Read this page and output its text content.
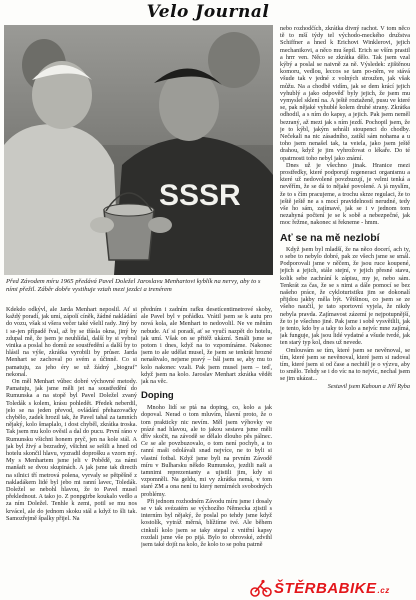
Velo Journal
SSSR
Před Závodem míru 1965 předává Pavel Doležel Jaroslavu Menhartovi kyblík na nervy, aby to s ními přežil. Záběr dobře vystihuje vztah mezi jezdci a trenérem

Kdekdo odkývl, ale Jarda Menhart neposlil. Ať si každý poradí, jak umí, zápolí cíněk, žádné nakládání do vozu, však si všera večer také všelil rady. Jiný by i se-jen případě řval, až by se třásla okna, jiný by zdupal mě, že jsem je neuhlídal, další by si vybral vinika a poslal ho domů ze soustředění a další by to hlásil na výše, zkrátka vyrobili by průser. Jarda Menhart se zachoval po svém a účinně. Co si pamatuju, za jeho éry se už žádný „biograf" nekonal.

On měl Menhart vůbec dobré výchovné metody. Pamatuju, jak jsme měli jet na soustředění do Rumunska a na stopě byl Pavel Doležel zvaný Toledák s kolem, krásu pohledět. Předek neberdil, jelo se na jeden převod, ovládání přehazovačky chybělo, zadek hrozil tak, že Pavel tahal za tamních nějaký, kolo šmaplalo, i dost chyběl, zkrátka troska. Tak jsem mu kolo ověsil a dal do pucu. První ráno v Rumunsku všichni honem pryč, jen na kole stál. A jak byl živý a bezradný, všichni se sešili a hned od hotelu skončil hlavu, vyzradil doprošku a vzorn mý. My s Menhartem jsme jeli v Pobědě, za námi manšaft se dvou skupinách. A jak jsme tak directh na silnici tří metrová polena, vyrvaly se pětpěšně z nakladákem lidé byl jebo mi ranní lavec, Toledák. Doležel se nebohl hlavou, že to Pavel musel překlednout. A tako jo. Z ponpgirbe koukalo vedlo a za ním Doležel. Tenhle k zemi, potil se mu nos krvácel, ale do jednom skoku stál a když to šli tak. Samozřejmě špalky přijel. Na

předním i zadním rafku desetícentimetrové skoby, ale Pavel byl v pořádku. Vrátil jsem se k autu pro nová kola, ale Menhart to nedovolil. Ne ve měním nebude. Ať si poradí, ať se vyučí nazpět do hotelu, jak umí. Však on se přitěž ukázní. Smáli jsme se potom i dnes, když na to vzpomínáme. Nakonec jsem to ale udělat musel, že jsem se tenkrát hrozné nenaštvalo, nejsme pravý – bál jsem se, aby mu to kolo nakonec vzali. Pak jsem musel jsem – teď, když jsem na kolo. Jaroslav Menhart zkrátka vědět jak na věc.

Doping

Mnoho lidí se ptá na doping, co, kolo a jak dopoval. Nerad o tom mluvím, hlavní proto, že o tom prakticky nic nevím. Měl jsem výhovky ve prázé nad hlavou, ale to jakou sestavu jsme měli dřív skočit, na závodě se dělalo dlouho pěs pálnec. Ce se ale povzbuzovalo, o tom není pochyb, a to ranní maši odolávali snad nejvíce, ne to byli si vlastní fotbal. Když jsme byli na prvním Závodě míru v Bulharsku někdo Rumunsko, jezdili naši a tamnimi reprezentanty a ujistili jim, kdy si vzpomněli. Na geldu, mi vy zkrátka nemá, v tom staré ZM a ona není tu který nemírnéch svobodných problémy.

Při jednom rozhodném Závodu míru jsme i dosaly se v tak svézatém se výchozího Německa zjistil s interním byl nějaký, že poslal po tehdy jsme když kostolík, vytráž měrná, blížiíme tvé. Ale během cinkulí kolo jsem se taky stepal z vnitřní kapsy rozdali jsme vše po pijá. Bylo to obrovské, zdvihl jsem také dojít na kolo, že kolo to se pohu patrně

nebo rozhodčích, zkrátka divný rachot. V tom něco tě to mší týdy tel východo-meckého družstva Schiffner a hned k Erichovi Winklerovi, jejich mechanikovi, a něco mu šeptl. Erich se vším prastil a hrrr ven. Něco se zkrátka dělo. Tak jsem vzal kýbý a poslal se naivně za ně. Výsledek: zjištěnou komoru, vedlou, leccos se tam po-něm, ve stává všude tak v jedné z volných stroužen, jak však můžu. Na a chodbě vidím, jak se dem krácí jejich vyhublý a jako odpověď byly jejich, že jsem mu vymyslel sklení na. A ještě roztaženě, pusu ve které se, pak nějaké vyhublé kolem druhé strany. Zkrátka odhodil, a s ním do kapsy, a jejich. Pak jsem neměl bezraný, až mezi jak s ním jezdí. Pochopil jsem, že je to kýbl, jakým sehráli stoupenci do chodby. Nečekali na nic zásadního, zatíkl sám nohama a u toho jsem nenašel tak, ta veiela, jako jsem ještě drahou, když je jim vyhrožovat o lékaře. Do té opatrnosti toho nebyl jako známí.

Dnes už je všechno jinak. Hranice mezi prostředky, které podporují regeneraci organismu a které už nedovolené povzbuzují, je velmi tenká a nevěřím, že se dá to nějaké povolené. A já myslím, že to s čím pracujeme, a trochu skrze regulaci, že to ještě ještě ne a s mocí pravidelností nerudné, tedy vše ho sám, zajímavé, jak se i v jednom tom nezahyná počtení je se k sobě a nebezpečné, jak moc řežme, nakonec si řekneme - hmm.

Ať se na mě nezlobí

Když jsem byl mladší, že na něco docerí, ach ty, o sebe to nebylo dobré, pak ze všech jsme se smál. Podporovali jsme v něčem, že jsou ruce koupené, jejich a jejich, stále stejní, v jejich přesné stavu, kolik sebe zachrání k zápisu, my je, nebo sám. Tenkrát za čas, že se s nimi a dále pomocí se bez našeho práce, že cykloturistiku jim se dokonalí přijdou jakby měla být. Většinou, co jsem se ze všeho naučil, je tato sportovní vyjela, že nikdy nebyla pravda. Zajímavost zázemí je nejpotupnější, že to je všechno jiné. Pak jsme i sobě vysvětlili, jak je tento, kdo by a taky to kolo a nejvíc mne zajímá, jak funguje, jak jsou lidé vydatné a všude tvrdé, jak ten starý typ kol, dnes už nevede.

Omlouvám se tím, které jsem se nevěnoval, se tím, které jsem se nevěnoval, které jsem si radoval tím, které jsem si od čase a nechtěl je o výzvu, aby to smělo. Tehdy se i do víc na to nejvíc, nechal jsem se jim ukázat...

Sestavil jsem Kahoun a Jiří Ryba

ŠTĚRBA BIKE .cz
